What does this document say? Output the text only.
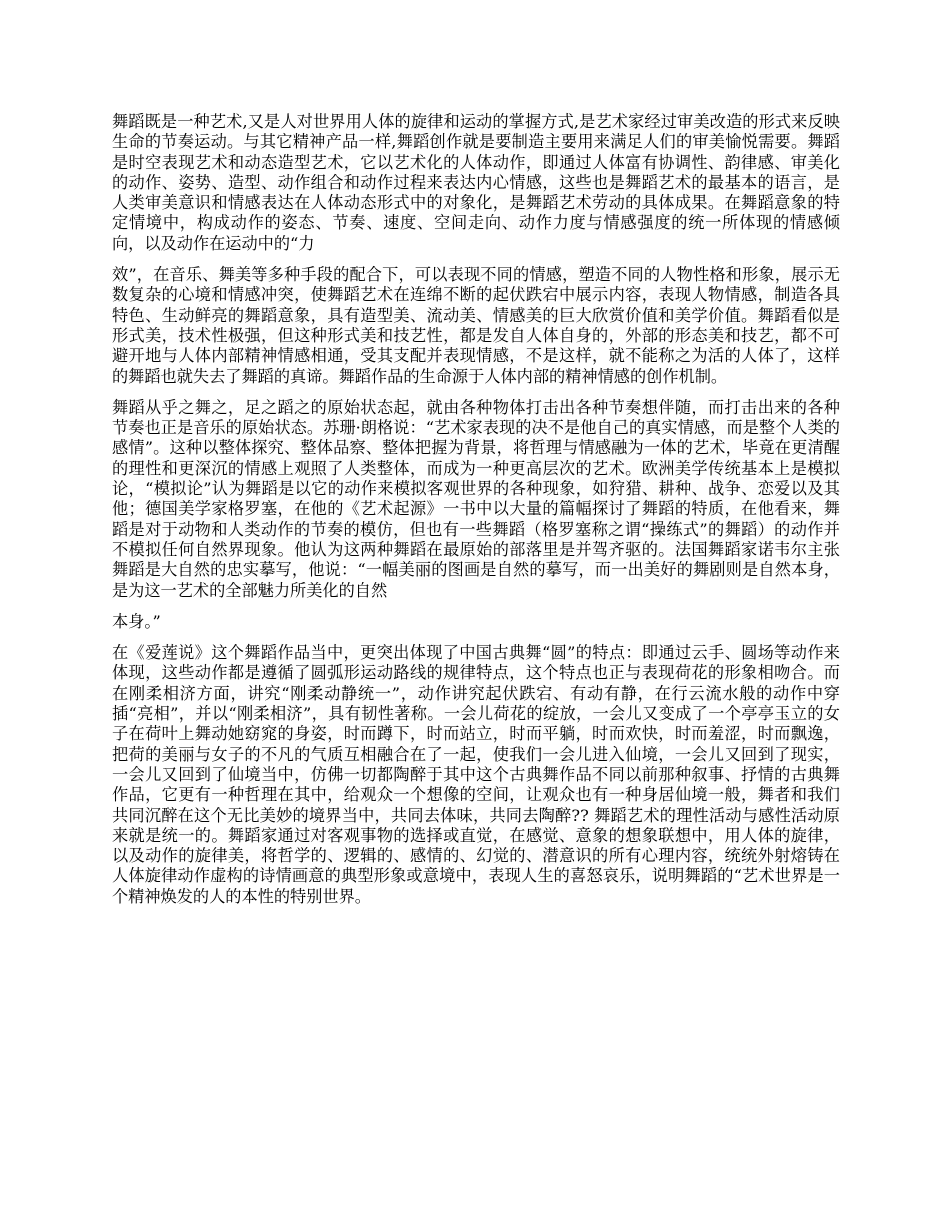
舞蹈既是一种艺术,又是人对世界用人体的旋律和运动的掌握方式,是艺术家经过审美改造的形式来反映生命的节奏运动。与其它精神产品一样,舞蹈创作就是要制造主要用来满足人们的审美愉悦需要。舞蹈是时空表现艺术和动态造型艺术，它以艺术化的人体动作，即通过人体富有协调性、韵律感、审美化的动作、姿势、造型、动作组合和动作过程来表达内心情感，这些也是舞蹈艺术的最基本的语言，是人类审美意识和情感表达在人体动态形式中的对象化，是舞蹈艺术劳动的具体成果。在舞蹈意象的特定情境中，构成动作的姿态、节奏、速度、空间走向、动作力度与情感强度的统一所体现的情感倾向，以及动作在运动中的“力

效”，在音乐、舞美等多种手段的配合下，可以表现不同的情感，塑造不同的人物性格和形象，展示无数复杂的心境和情感冲突，使舞蹈艺术在连绵不断的起伏跌宕中展示内容，表现人物情感，制造各具特色、生动鲜亮的舞蹈意象，具有造型美、流动美、情感美的巨大欣赏价值和美学价值。舞蹈看似是形式美，技术性极强，但这种形式美和技艺性，都是发自人体自身的，外部的形态美和技艺，都不可避开地与人体内部精神情感相通，受其支配并表现情感，不是这样，就不能称之为活的人体了，这样的舞蹈也就失去了舞蹈的真谛。舞蹈作品的生命源于人体内部的精神情感的创作机制。

舞蹈从乎之舞之，足之蹈之的原始状态起，就由各种物体打击出各种节奏想伴随，而打击出来的各种节奏也正是音乐的原始状态。苏珊·朗格说：“艺术家表现的决不是他自己的真实情感，而是整个人类的感情”。这种以整体探究、整体品察、整体把握为背景，将哲理与情感融为一体的艺术，毕竟在更清醒的理性和更深沉的情感上观照了人类整体，而成为一种更高层次的艺术。欧洲美学传统基本上是模拟论，“模拟论”认为舞蹈是以它的动作来模拟客观世界的各种现象，如狩猎、耕种、战争、恋爱以及其他；德国美学家格罗塞，在他的《艺术起源》一书中以大量的篇幅探讨了舞蹈的特质，在他看来，舞蹈是对于动物和人类动作的节奏的模仿，但也有一些舞蹈（格罗塞称之谓“操练式”的舞蹈）的动作并不模拟任何自然界现象。他认为这两种舞蹈在最原始的部落里是并驾齐驱的。法国舞蹈家诺韦尔主张舞蹈是大自然的忠实摹写，他说：“一幅美丽的图画是自然的摹写，而一出美好的舞剧则是自然本身，是为这一艺术的全部魅力所美化的自然

本身。”

在《爱莲说》这个舞蹈作品当中，更突出体现了中国古典舞“圆”的特点：即通过云手、圆场等动作来体现，这些动作都是遵循了圆弧形运动路线的规律特点，这个特点也正与表现荷花的形象相吻合。而在刚柔相济方面，讲究“刚柔动静统一”，动作讲究起伏跌宕、有动有静，在行云流水般的动作中穿插“亮相”，并以“刚柔相济”，具有韧性著称。一会儿荷花的绽放，一会儿又变成了一个亭亭玉立的女子在荷叶上舞动她窈窕的身姿，时而蹲下，时而站立，时而平躺，时而欢快，时而羞涩，时而飘逸，把荷的美丽与女子的不凡的气质互相融合在了一起，使我们一会儿进入仙境，一会儿又回到了现实，一会儿又回到了仙境当中，仿佛一切都陶醉于其中这个古典舞作品不同以前那种叙事、抒情的古典舞作品，它更有一种哲理在其中，给观众一个想像的空间，让观众也有一种身居仙境一般，舞者和我们共同沉醉在这个无比美妙的境界当中，共同去体味，共同去陶醉?? 舞蹈艺术的理性活动与感性活动原来就是统一的。舞蹈家通过对客观事物的选择或直觉，在感觉、意象的想象联想中，用人体的旋律，以及动作的旋律美，将哲学的、逻辑的、感情的、幻觉的、潜意识的所有心理内容，统统外射熔铸在人体旋律动作虚构的诗情画意的典型形象或意境中，表现人生的喜怒哀乐，说明舞蹈的“艺术世界是一个精神焕发的人的本性的特别世界。
